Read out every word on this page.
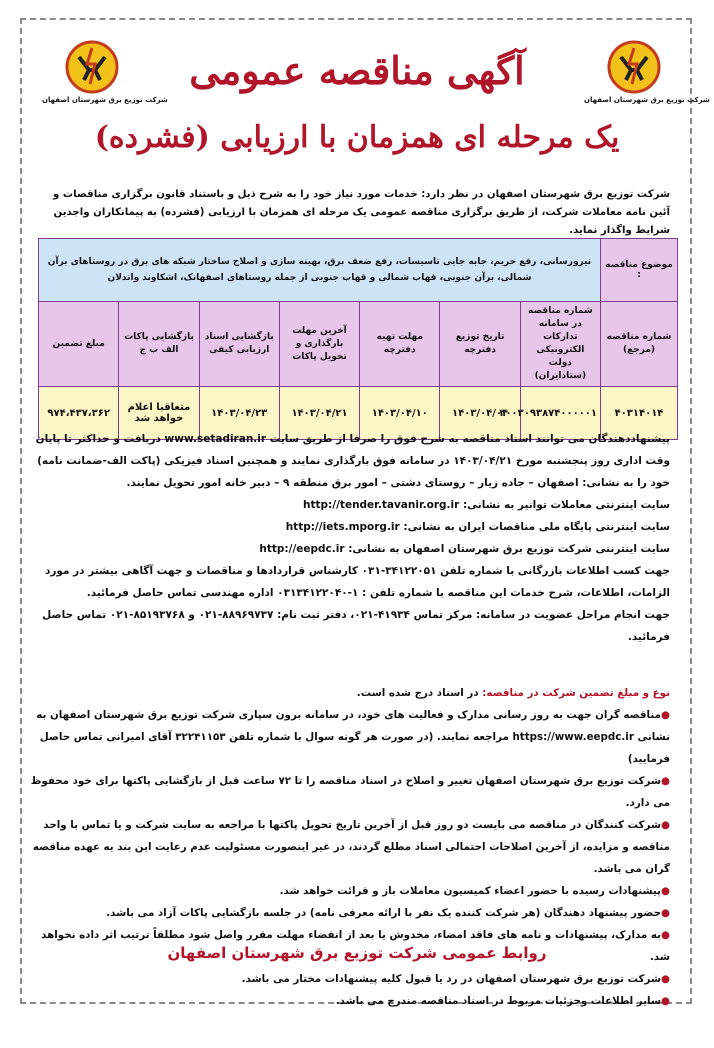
شرکت توزیع برق شهرستان اصفهان
شرکت توزیع برق شهرستان اصفهان
آگهی مناقصه عمومی
یک مرحله ای همزمان با ارزیابی (فشرده)
شرکت توزیع برق شهرستان اصفهان در نظر دارد: خدمات مورد نیاز خود را به شرح ذیل و باستناد قانون برگزاری مناقصات و آئین نامه معاملات شرکت، از طریق برگزاری مناقصه عمومی یک مرحله ای همزمان با ارزیابی (فشرده) به پیمانکاران واجدین شرایط واگذار نماید.
موضوع مناقصه :	نیرورسانی، رفع حریم، جابه جایی تاسیسات، رفع ضعف برق، بهینه سازی و اصلاح ساختار شبکه های برق در روستاهای برآن شمالی، برآن جنوبی، قهاب شمالی و قهاب جنوبی از جمله روستاهای اصفهانک، اشکاوند واندلان						
شماره مناقصه (مرجع)	شماره مناقصه در سامانه تدارکات الکترونیکی دولت (ستادایران)	تاریخ توزیع دفترچه	مهلت تهیه دفترچه	آخرین مهلت بارگذاری و تحویل پاکات	بازگشایی اسناد ارزیابی کیفی	بازگشایی پاکات الف ب ج	مبلغ تضمین
۴۰۳۱۴۰۱۴	۲۰۰۳۰۹۳۸۷۴۰۰۰۰۰۱	۱۴۰۳/۰۴/۰۴	۱۴۰۳/۰۴/۱۰	۱۴۰۳/۰۴/۲۱	۱۴۰۳/۰۴/۲۳	متعاقبا اعلام خواهد شد	۹۷۴،۴۳۷،۳۶۲

پیشنهاددهندگان می توانند اسناد مناقصه به شرح فوق را صرفا از طریق سایت www.setadiran.ir دریافت و حداکثر تا پایان وقت اداری روز پنجشنبه مورخ ۱۴۰۳/۰۴/۲۱ در سامانه فوق بارگذاری نمایند و همچنین اسناد فیزیکی (پاکت الف-ضمانت نامه) خود را به نشانی: اصفهان – جاده زیار – روستای دشتی – امور برق منطقه ۹ – دبیر خانه امور تحویل نمایند.

سایت اینترنتی معاملات توانیر به نشانی: http://tender.tavanir.org.ir

سایت اینترنتی پایگاه ملی مناقصات ایران به نشانی: http://iets.mporg.ir

سایت اینترنتی شرکت توزیع برق شهرستان اصفهان به نشانی: http://eepdc.ir

جهت کسب اطلاعات بازرگانی با شماره تلفن ۳۴۱۲۲۰۵۱-۰۳۱ کارشناس قراردادها و مناقصات و جهت آگاهی بیشتر در مورد الزامات، اطلاعات، شرح خدمات این مناقصه با شماره تلفن : ۱-۰۳۱۳۴۱۲۲۰۴۰ اداره مهندسی تماس حاصل فرمائید.

جهت انجام مراحل عضویت در سامانه: مرکز تماس ۴۱۹۳۴-۰۲۱، دفتر ثبت نام: ۸۸۹۶۹۷۳۷-۰۲۱ و ۸۵۱۹۳۷۶۸-۰۲۱ تماس حاصل فرمائید.

نوع و مبلغ تضمین شرکت در مناقصه: در اسناد درج شده است.

●مناقصه گران جهت به روز رسانی مدارک و فعالیت های خود، در سامانه برون سپاری شرکت توزیع برق شهرستان اصفهان به نشانی https://www.eepdc.ir مراجعه نمایند. (در صورت هر گونه سوال با شماره تلفن ۳۲۲۴۱۱۵۳ آقای امیرانی تماس حاصل فرمایید)

●شرکت توزیع برق شهرستان اصفهان تغییر و اصلاح در اسناد مناقصه را تا ۷۲ ساعت قبل از بازگشایی پاکتها برای خود محفوظ می دارد.

●شرکت کنندگان در مناقصه می بایست دو روز قبل از آخرین تاریخ تحویل پاکتها با مراجعه به سایت شرکت و یا تماس با واحد مناقصه و مزایده، از آخرین اصلاحات احتمالی اسناد مطلع گردند، در غیر اینصورت مسئولیت عدم رعایت این بند به عهده مناقصه گران می باشد.

●پیشنهادات رسیده با حضور اعضاء کمیسیون معاملات باز و قرائت خواهد شد.

●حضور پیشنهاد دهندگان (هر شرکت کننده یک نفر با ارائه معرفی نامه) در جلسه بازگشایی پاکات آزاد می باشد.

●به مدارک، پیشنهادات و نامه های فاقد امضاء، مخدوش یا بعد از انقضاء مهلت مقرر واصل شود مطلقاً ترتیب اثر داده نخواهد شد.

●شرکت توزیع برق شهرستان اصفهان در رد یا قبول کلیه پیشنهادات مختار می باشد.

●سایر اطلاعات وجزئیات مربوط در اسناد مناقصه مندرج می باشد.

روابط عمومی شرکت توزیع برق شهرستان اصفهان
